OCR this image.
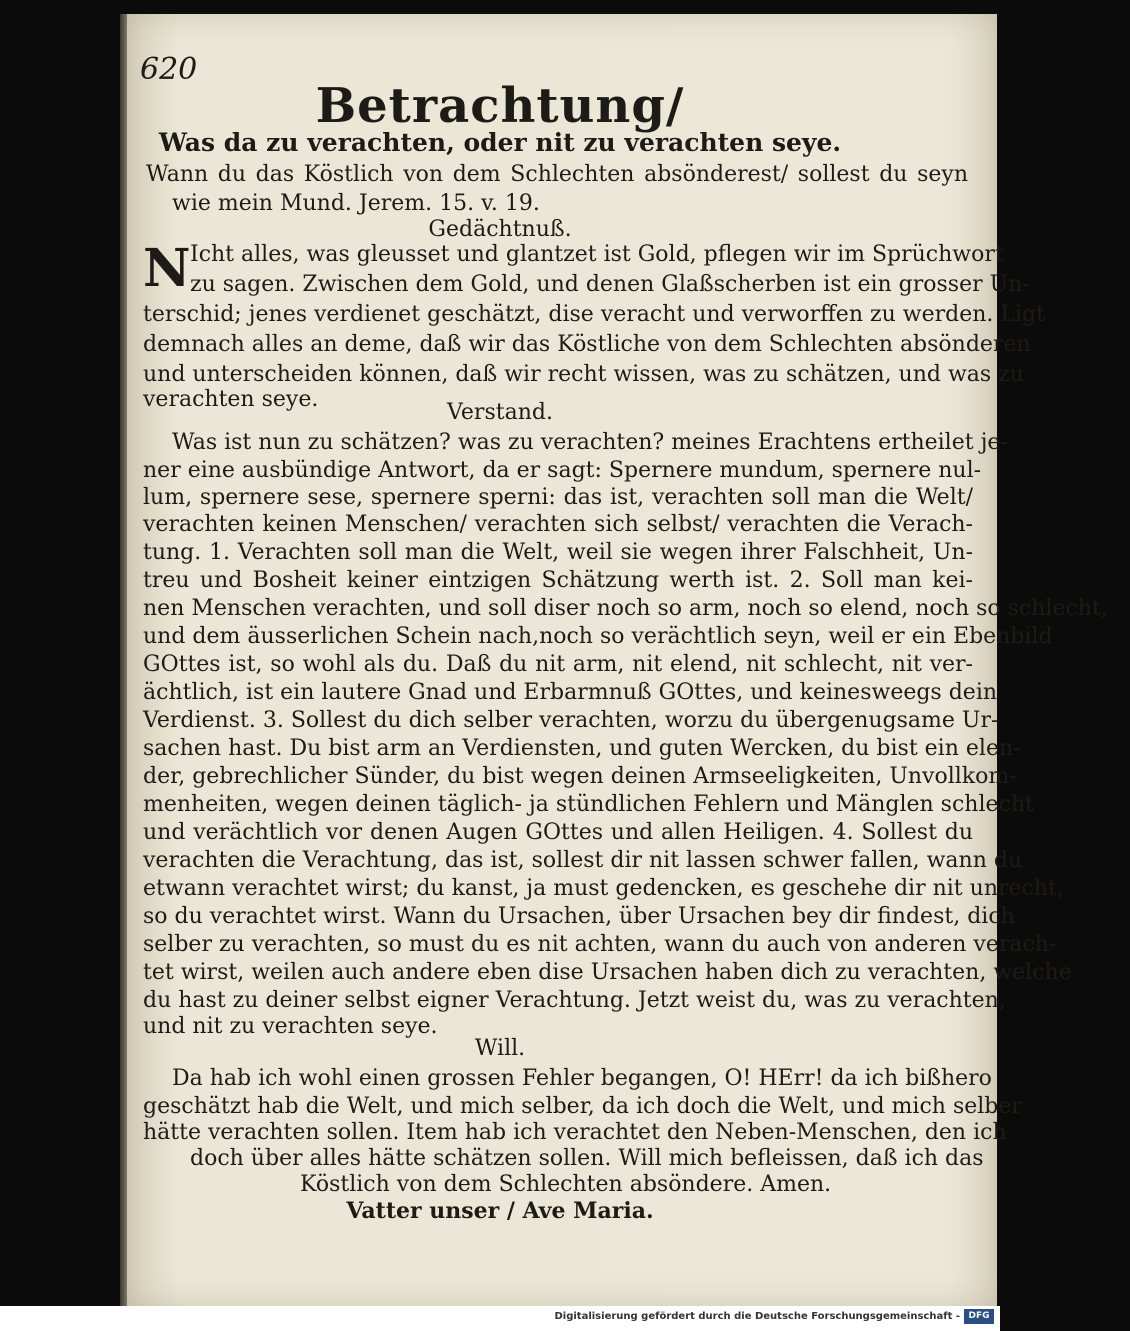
620
Betrachtung/
Was da zu verachten, oder nit zu verachten seye.
Wann du das Köstlich von dem Schlechten absönderest/ sollest du seyn
wie mein Mund. Jerem. 15. v. 19.
Gedächtnuß.
N Icht alles, was gleusset und glantzet ist Gold, pflegen wir im Sprüchwort
zu sagen. Zwischen dem Gold, und denen Glaßscherben ist ein grosser Un-
terschid; jenes verdienet geschätzt, dise veracht und verworffen zu werden. Ligt
demnach alles an deme, daß wir das Köstliche von dem Schlechten absönderen
und unterscheiden können, daß wir recht wissen, was zu schätzen, und was zu
verachten seye.
Verstand.
Was ist nun zu schätzen? was zu verachten? meines Erachtens ertheilet je-
ner eine ausbündige Antwort, da er sagt: Spernere mundum, spernere nul-
lum, spernere sese, spernere sperni: das ist, verachten soll man die Welt/
verachten keinen Menschen/ verachten sich selbst/ verachten die Verach-
tung. 1. Verachten soll man die Welt, weil sie wegen ihrer Falschheit, Un-
treu und Bosheit keiner eintzigen Schätzung werth ist. 2. Soll man kei-
nen Menschen verachten, und soll diser noch so arm, noch so elend, noch so schlecht,
und dem äusserlichen Schein nach,noch so verächtlich seyn, weil er ein Ebenbild
GOttes ist, so wohl als du. Daß du nit arm, nit elend, nit schlecht, nit ver-
ächtlich, ist ein lautere Gnad und Erbarmnuß GOttes, und keinesweegs dein
Verdienst. 3. Sollest du dich selber verachten, worzu du übergenugsame Ur-
sachen hast. Du bist arm an Verdiensten, und guten Wercken, du bist ein elen-
der, gebrechlicher Sünder, du bist wegen deinen Armseeligkeiten, Unvollkom-
menheiten, wegen deinen täglich- ja stündlichen Fehlern und Mänglen schlecht
und verächtlich vor denen Augen GOttes und allen Heiligen. 4. Sollest du
verachten die Verachtung, das ist, sollest dir nit lassen schwer fallen, wann du
etwann verachtet wirst; du kanst, ja must gedencken, es geschehe dir nit unrecht,
so du verachtet wirst. Wann du Ursachen, über Ursachen bey dir findest, dich
selber zu verachten, so must du es nit achten, wann du auch von anderen verach-
tet wirst, weilen auch andere eben dise Ursachen haben dich zu verachten, welche
du hast zu deiner selbst eigner Verachtung. Jetzt weist du, was zu verachten,
und nit zu verachten seye.
Will.
Da hab ich wohl einen grossen Fehler begangen, O! HErr! da ich bißhero
geschätzt hab die Welt, und mich selber, da ich doch die Welt, und mich selber
hätte verachten sollen. Item hab ich verachtet den Neben-Menschen, den ich
doch über alles hätte schätzen sollen. Will mich befleissen, daß ich das
Köstlich von dem Schlechten absöndere. Amen.
Vatter unser / Ave Maria.
Digitalisierung gefördert durch die Deutsche Forschungsgemeinschaft - DFG
